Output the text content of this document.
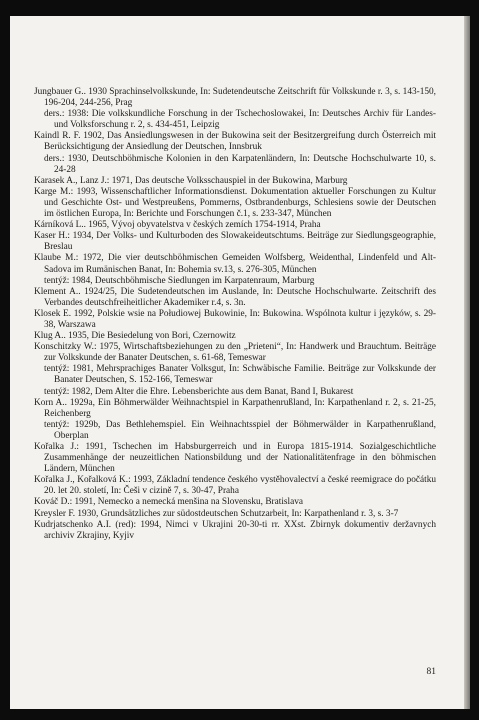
Jungbauer G.. 1930 Sprachinselvolkskunde, In: Sudetendeutsche Zeitschrift für Volkskunde r. 3, s. 143-150, 196-204, 244-256, Prag
ders.: 1938: Die volkskundliche Forschung in der Tschechoslowakei, In: Deutsches Archiv für Landes- und Volksforschung r. 2, s. 434-451, Leipzig
Kaindl R. F. 1902, Das Ansiedlungswesen in der Bukowina seit der Besitzergreifung durch Österreich mit Berücksichtigung der Ansiedlung der Deutschen, Innsbruk
ders.: 1930, Deutschböhmische Kolonien in den Karpatenländern, In: Deutsche Hochschulwarte 10, s. 24-28
Karasek A., Lanz J.: 1971, Das deutsche Volksschauspiel in der Bukowina, Marburg
Karge M.: 1993, Wissenschaftlicher Informationsdienst. Dokumentation aktueller Forschungen zu Kultur und Geschichte Ost- und Westpreußens, Pommerns, Ostbrandenburgs, Schlesiens sowie der Deutschen im östlichen Europa, In: Berichte und Forschungen č.1, s. 233-347, München
Kárníková L.. 1965, Vývoj obyvatelstva v českých zemích 1754-1914, Praha
Kaser H.: 1934, Der Volks- und Kulturboden des Slowakeideutschtums. Beiträge zur Siedlungsgeographie, Breslau
Klaube M.: 1972, Die vier deutschböhmischen Gemeiden Wolfsberg, Weidenthal, Lindenfeld und Alt-Sadova im Rumänischen Banat, In: Bohemia sv.13, s. 276-305, München
tentýž: 1984, Deutschböhmische Siedlungen im Karpatenraum, Marburg
Klement A.. 1924/25, Die Sudetendeutschen im Auslande, In: Deutsche Hochschulwarte. Zeitschrift des Verbandes deutschfreiheitlicher Akademiker r.4, s. 3n.
Klosek E. 1992, Polskie wsie na Połudiowej Bukowinie, In: Bukowina. Wspólnota kultur i języków, s. 29-38, Warszawa
Klug A.. 1935, Die Besiedelung von Bori, Czernowitz
Konschitzky W.: 1975, Wirtschaftsbeziehungen zu den „Prieteni“, In: Handwerk und Brauchtum. Beiträge zur Volkskunde der Banater Deutschen, s. 61-68, Temeswar
tentýž: 1981, Mehrsprachiges Banater Volksgut, In: Schwäbische Familie. Beiträge zur Volkskunde der Banater Deutschen, S. 152-166, Temeswar
tentýž: 1982, Dem Alter die Ehre. Lebensberichte aus dem Banat, Band I, Bukarest
Korn A.. 1929a, Ein Böhmerwälder Weihnachtspiel in Karpathenrußland, In: Karpathenland r. 2, s. 21-25, Reichenberg
tentýž: 1929b, Das Bethlehemspiel. Ein Weihnachtsspiel der Böhmerwälder in Karpathenrußland, Oberplan
Kořalka J.: 1991, Tschechen im Habsburgerreich und in Europa 1815-1914. Sozialgeschichtliche Zusammenhänge der neuzeitlichen Nationsbildung und der Nationalitätenfrage in den böhmischen Ländern, München
Kořalka J., Kořalková K.: 1993, Základní tendence českého vystěhovalectví a české reemigrace do počátku 20. let 20. století, In: Češi v cizině 7, s. 30-47, Praha
Kováč D.: 1991, Nemecko a nemecká menšina na Slovensku, Bratislava
Kreysler F. 1930, Grundsätzliches zur südostdeutschen Schutzarbeit, In: Karpathenland r. 3, s. 3-7
Kudrjatschenko A.I. (red): 1994, Nimci v Ukrajini 20-30-ti rr. XXst. Zbirnyk dokumentiv deržavnych archiviv Zkrajiny, Kyjiv
81
